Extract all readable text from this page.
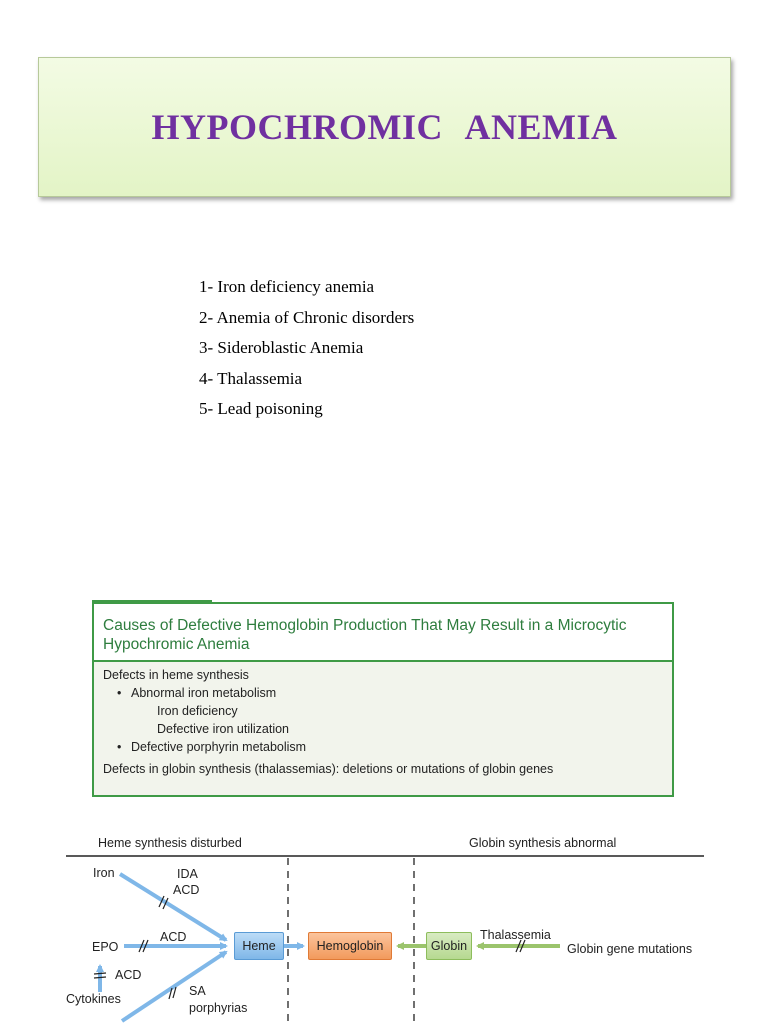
HYPOCHROMIC ANEMIA
1- Iron deficiency anemia
2- Anemia of Chronic disorders
3- Sideroblastic Anemia
4- Thalassemia
5- Lead poisoning
Causes of Defective Hemoglobin Production That May Result in a Microcytic Hypochromic Anemia
Defects in heme synthesis
• Abnormal iron metabolism
Iron deficiency
Defective iron utilization
• Defective porphyrin metabolism
Defects in globin synthesis (thalassemias): deletions or mutations of globin genes
Heme synthesis disturbed	Globin synthesis abnormal
Iron	IDA
ACD
EPO
ACD
ACD
Cytokines
SA
porphyrias
Heme	Hemoglobin	Globin
Thalassemia
Globin gene mutations
